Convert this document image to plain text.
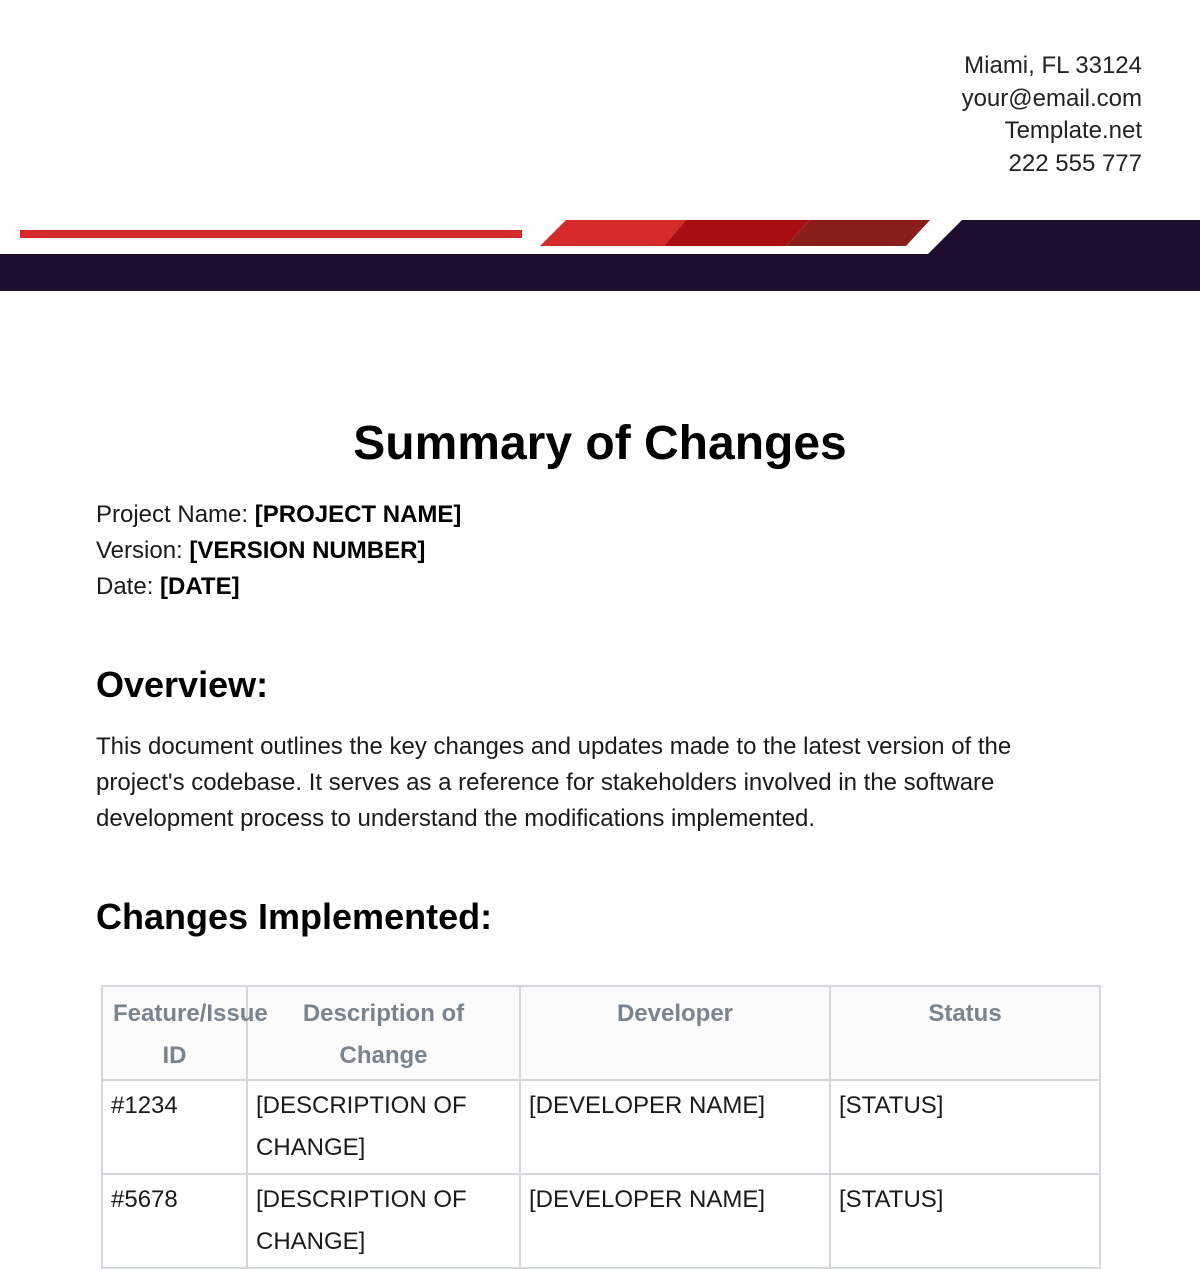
Miami, FL 33124
your@email.com
Template.net
222 555 777
Summary of Changes
Project Name: [PROJECT NAME]
Version: [VERSION NUMBER]
Date: [DATE]
Overview:

This document outlines the key changes and updates made to the latest version of the project's codebase. It serves as a reference for stakeholders involved in the software development process to understand the modifications implemented.

Changes Implemented:
Feature/Issue ID	Description of Change	Developer	Status
#1234	[DESCRIPTION OF CHANGE]	[DEVELOPER NAME]	[STATUS]
#5678	[DESCRIPTION OF CHANGE]	[DEVELOPER NAME]	[STATUS]
